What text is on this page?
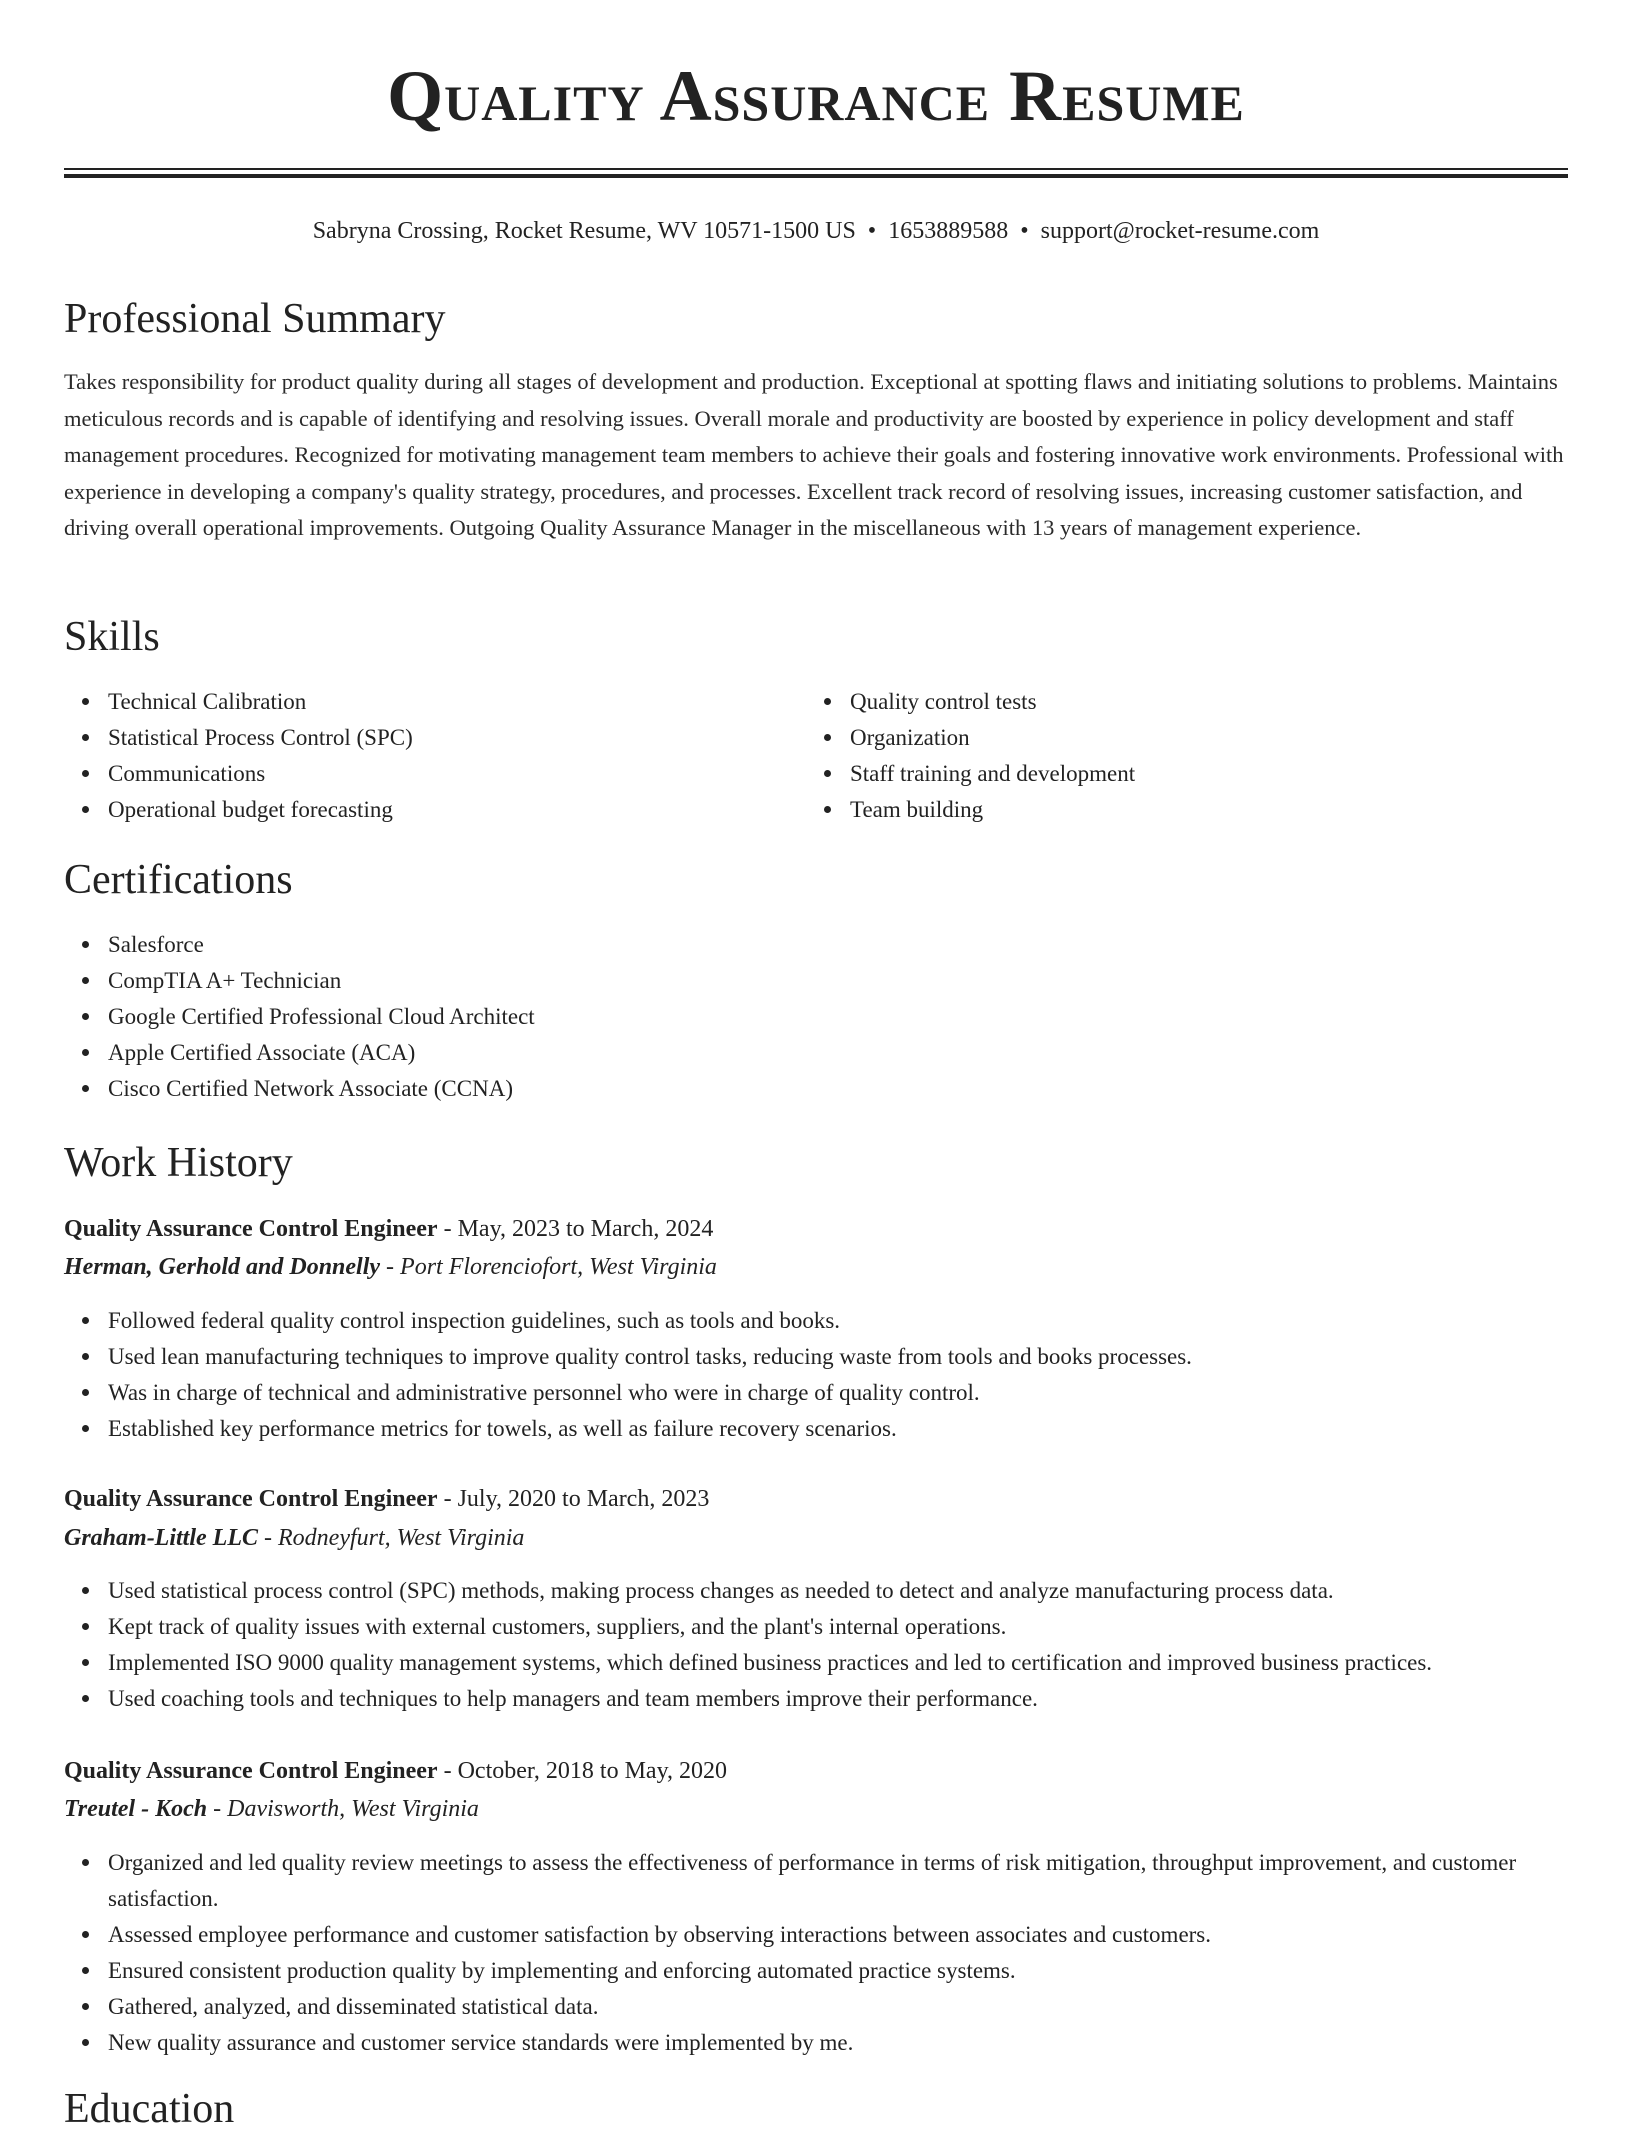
Quality Assurance Resume
Sabryna Crossing, Rocket Resume, WV 10571-1500 US • 1653889588 • support@rocket-resume.com
Professional Summary

Takes responsibility for product quality during all stages of development and production. Exceptional at spotting flaws and initiating solutions to problems. Maintains meticulous records and is capable of identifying and resolving issues. Overall morale and productivity are boosted by experience in policy development and staff management procedures. Recognized for motivating management team members to achieve their goals and fostering innovative work environments. Professional with experience in developing a company's quality strategy, procedures, and processes. Excellent track record of resolving issues, increasing customer satisfaction, and driving overall operational improvements. Outgoing Quality Assurance Manager in the miscellaneous with 13 years of management experience.

Skills
Technical Calibration
Statistical Process Control (SPC)
Communications
Operational budget forecasting
Quality control tests
Organization
Staff training and development
Team building
Certifications
Salesforce
CompTIA A+ Technician
Google Certified Professional Cloud Architect
Apple Certified Associate (ACA)
Cisco Certified Network Associate (CCNA)
Work History
Quality Assurance Control Engineer - May, 2023 to March, 2024
Herman, Gerhold and Donnelly - Port Florenciofort, West Virginia
Followed federal quality control inspection guidelines, such as tools and books.
Used lean manufacturing techniques to improve quality control tasks, reducing waste from tools and books processes.
Was in charge of technical and administrative personnel who were in charge of quality control.
Established key performance metrics for towels, as well as failure recovery scenarios.
Quality Assurance Control Engineer - July, 2020 to March, 2023
Graham-Little LLC - Rodneyfurt, West Virginia
Used statistical process control (SPC) methods, making process changes as needed to detect and analyze manufacturing process data.
Kept track of quality issues with external customers, suppliers, and the plant's internal operations.
Implemented ISO 9000 quality management systems, which defined business practices and led to certification and improved business practices.
Used coaching tools and techniques to help managers and team members improve their performance.
Quality Assurance Control Engineer - October, 2018 to May, 2020
Treutel - Koch - Davisworth, West Virginia
Organized and led quality review meetings to assess the effectiveness of performance in terms of risk mitigation, throughput improvement, and customer satisfaction.
Assessed employee performance and customer satisfaction by observing interactions between associates and customers.
Ensured consistent production quality by implementing and enforcing automated practice systems.
Gathered, analyzed, and disseminated statistical data.
New quality assurance and customer service standards were implemented by me.
Education
